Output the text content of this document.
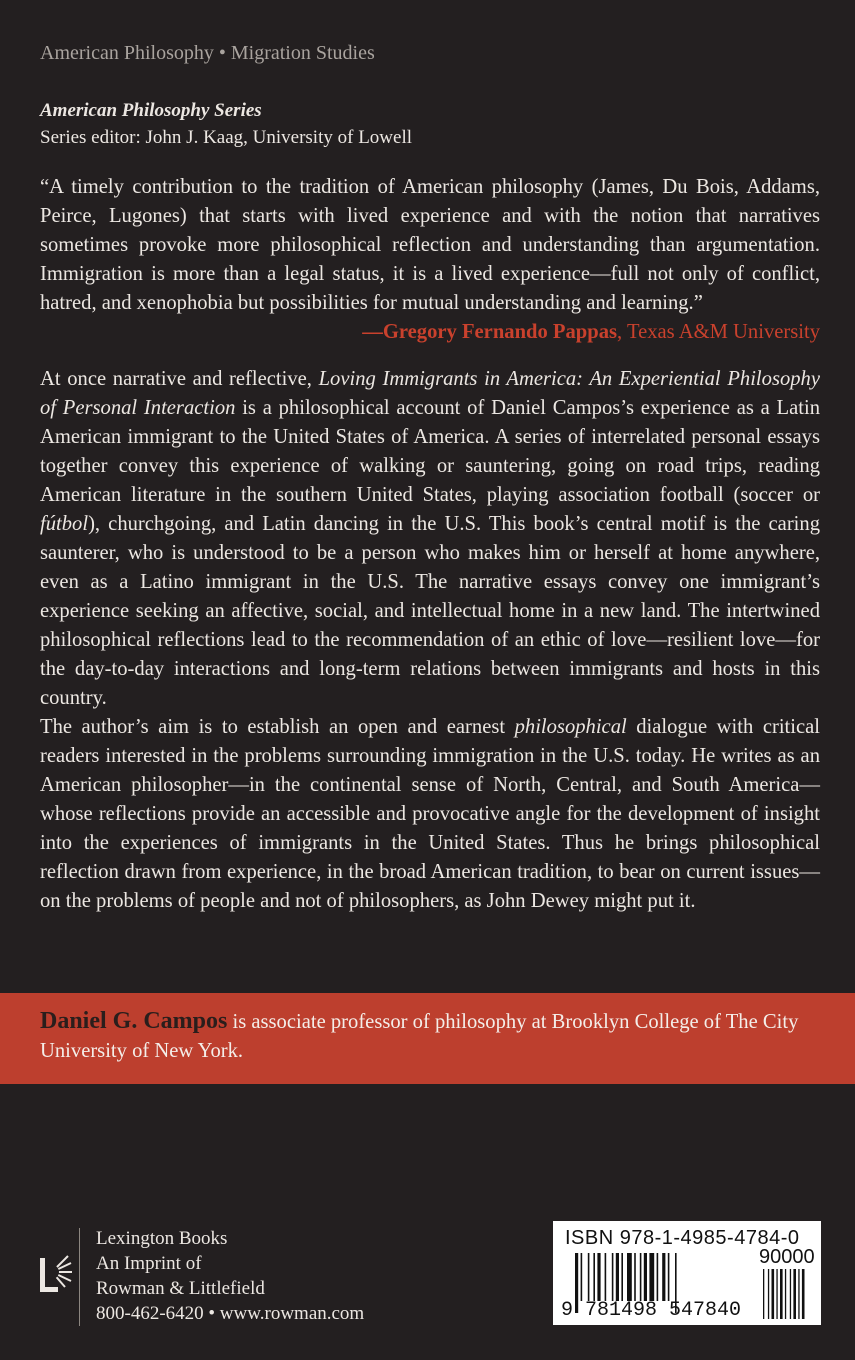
American Philosophy • Migration Studies
American Philosophy Series
Series editor: John J. Kaag, University of Lowell

“A timely contribution to the tradition of American philosophy (James, Du Bois, Addams, Peirce, Lugones) that starts with lived experience and with the notion that narratives sometimes provoke more philosophical reflection and understanding than argumentation. Immigration is more than a legal status, it is a lived experience—full not only of conflict, hatred, and xenophobia but possibilities for mutual understanding and learning.”
—Gregory Fernando Pappas, Texas A&M University

At once narrative and reflective, Loving Immigrants in America: An Experiential Philosophy of Personal Interaction is a philosophical account of Daniel Campos’s experience as a Latin American immigrant to the United States of America. A series of interrelated personal essays together convey this experience of walking or sauntering, going on road trips, reading American literature in the southern United States, playing association football (soccer or fútbol), churchgoing, and Latin dancing in the U.S. This book’s central motif is the caring saunterer, who is understood to be a person who makes him or herself at home anywhere, even as a Latino immigrant in the U.S. The narrative essays convey one immigrant’s experience seeking an affective, social, and intellectual home in a new land. The intertwined philosophical reflections lead to the recommendation of an ethic of love—resilient love—for the day-to-day interactions and long-term relations between immigrants and hosts in this country.

The author’s aim is to establish an open and earnest philosophical dialogue with critical readers interested in the problems surrounding immigration in the U.S. today. He writes as an American philosopher—in the continental sense of North, Central, and South America—whose reflections provide an accessible and provocative angle for the development of insight into the experiences of immigrants in the United States. Thus he brings philosophical reflection drawn from experience, in the broad American tradition, to bear on current issues—on the problems of people and not of philosophers, as John Dewey might put it.

Daniel G. Campos is associate professor of philosophy at Brooklyn College of The City University of New York.

Lexington Books
An Imprint of
Rowman & Littlefield
800-462-6420 • www.rowman.com
ISBN 978-1-4985-4784-0
90000
9 781498 547840
